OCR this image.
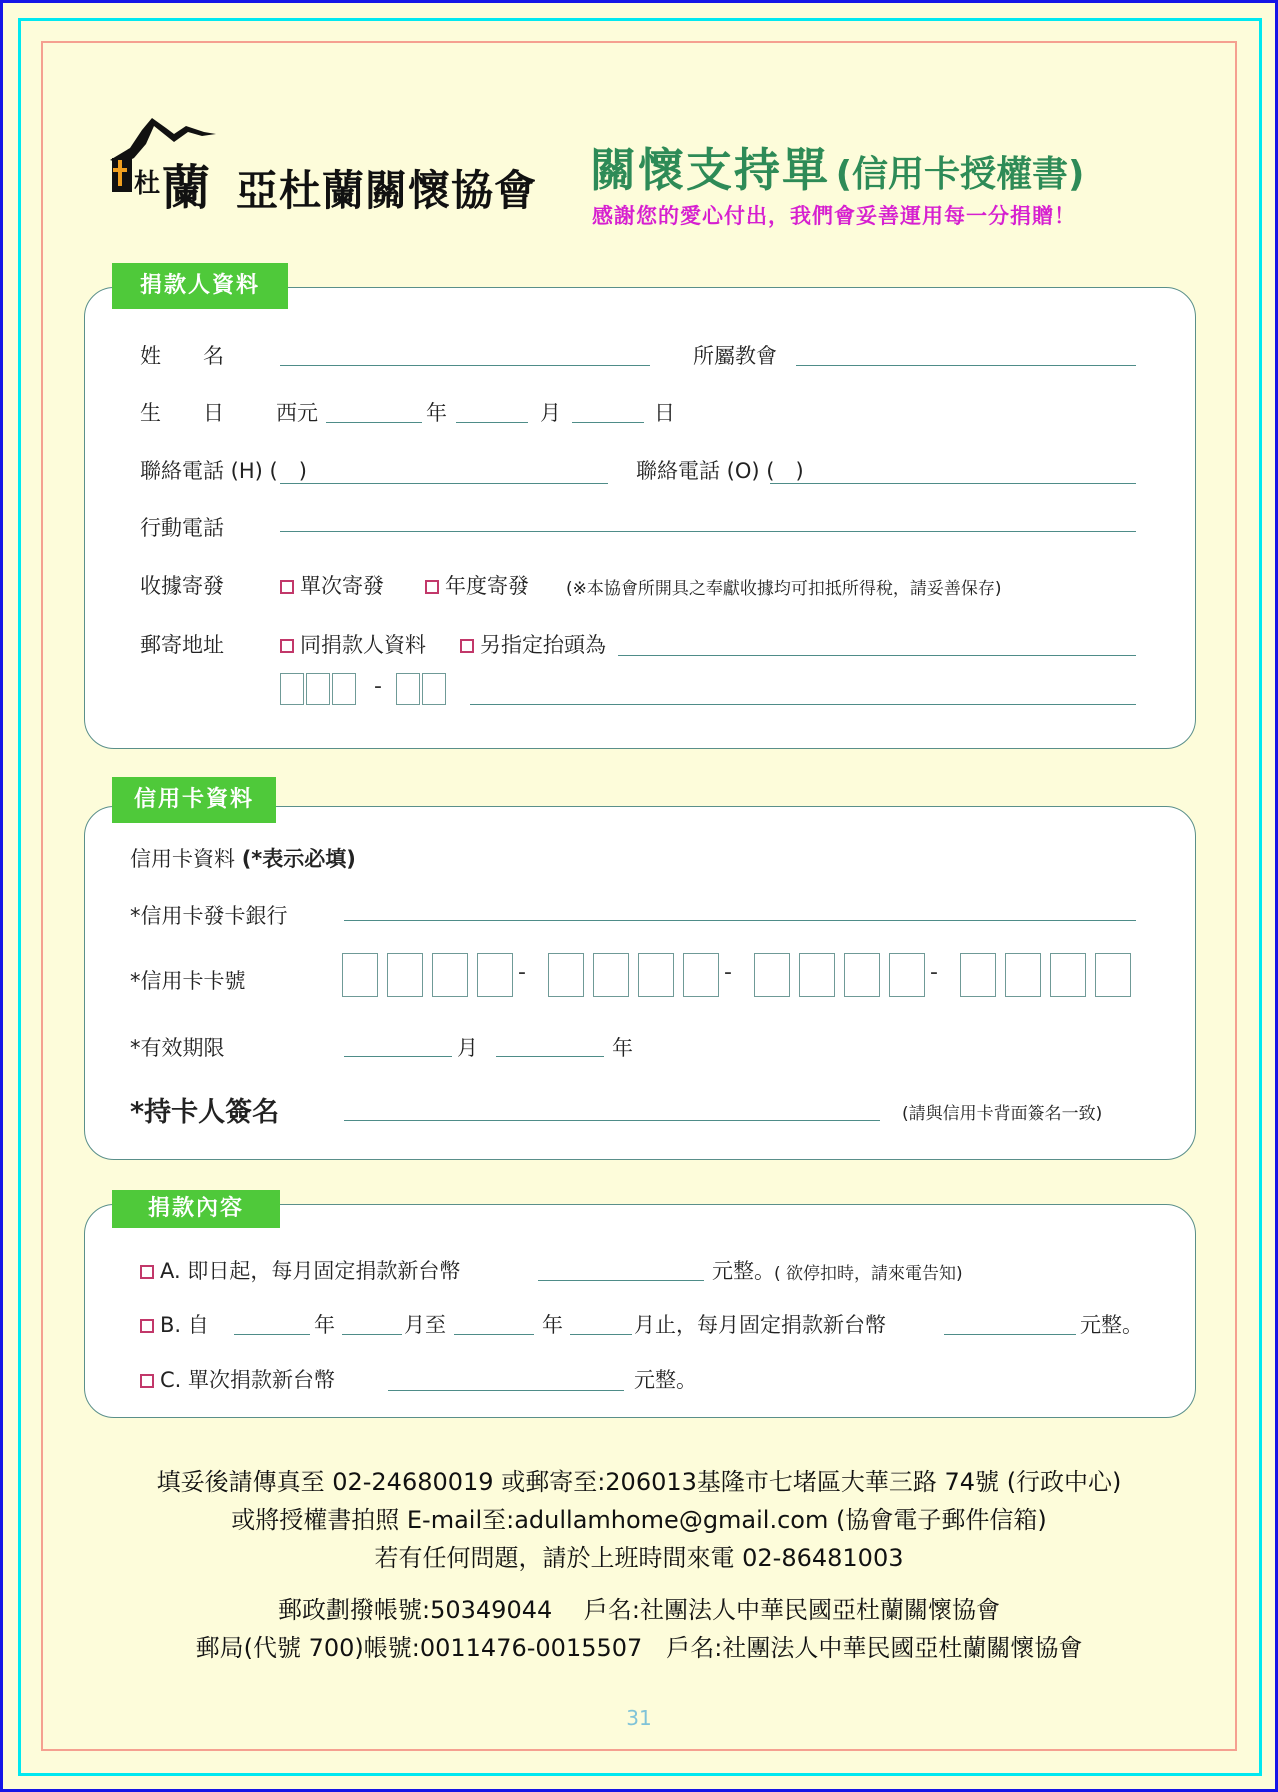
杜 蘭 亞杜蘭關懷協會 關懷支持單 (信用卡授權書)
感謝您的愛心付出，我們會妥善運用每一分捐贈！
捐款人資料
姓　　名	所屬教會
生　　日 西元	年	月	日
聯絡電話 (H) (　)	聯絡電話 (O) (　)
行動電話
收據寄發	單次寄發	年度寄發 (※本協會所開具之奉獻收據均可扣抵所得稅，請妥善保存)
郵寄地址	同捐款人資料	另指定抬頭為
-
信用卡資料
信用卡資料 (*表示必填)
*信用卡發卡銀行
*信用卡卡號	-	-	-
*有效期限	月	年
*持卡人簽名	(請與信用卡背面簽名一致)
捐款內容
A. 即日起，每月固定捐款新台幣	元整。 ( 欲停扣時，請來電告知)
B. 自	年	月至	年	月止，每月固定捐款新台幣	元整。
C. 單次捐款新台幣	元整。
填妥後請傳真至 02-24680019 或郵寄至:206013基隆市七堵區大華三路 74號 (行政中心)
或將授權書拍照 E-mail至:adullamhome@gmail.com (協會電子郵件信箱)
若有任何問題，請於上班時間來電 02-86481003
郵政劃撥帳號:50349044　 戶名:社團法人中華民國亞杜蘭關懷協會
郵局(代號 700)帳號:0011476-0015507　戶名:社團法人中華民國亞杜蘭關懷協會
31
